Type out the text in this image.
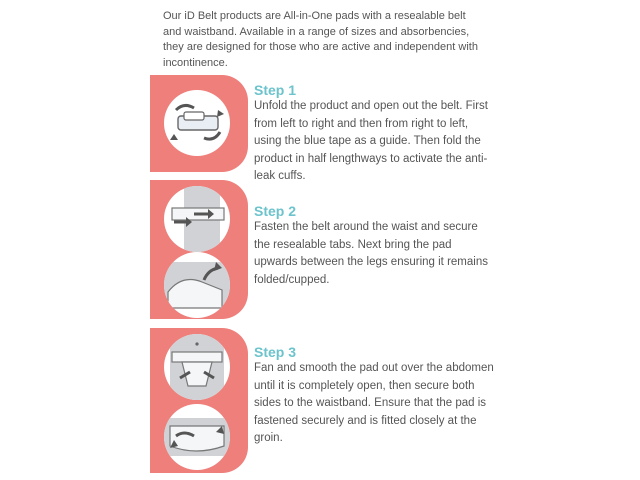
Our iD Belt products are All-in-One pads with a resealable belt and waistband. Available in a range of sizes and absorbencies, they are designed for those who are active and independent with incontinence.
Step 1
Unfold the product and open out the belt. First from left to right and then from right to left, using the blue tape as a guide. Then fold the product in half lengthways to activate the anti-leak cuffs.
Step 2
Fasten the belt around the waist and secure the resealable tabs. Next bring the pad upwards between the legs ensuring it remains folded/cupped.
Step 3
Fan and smooth the pad out over the abdomen until it is completely open, then secure both sides to the waistband. Ensure that the pad is fastened securely and is fitted closely at the groin.
